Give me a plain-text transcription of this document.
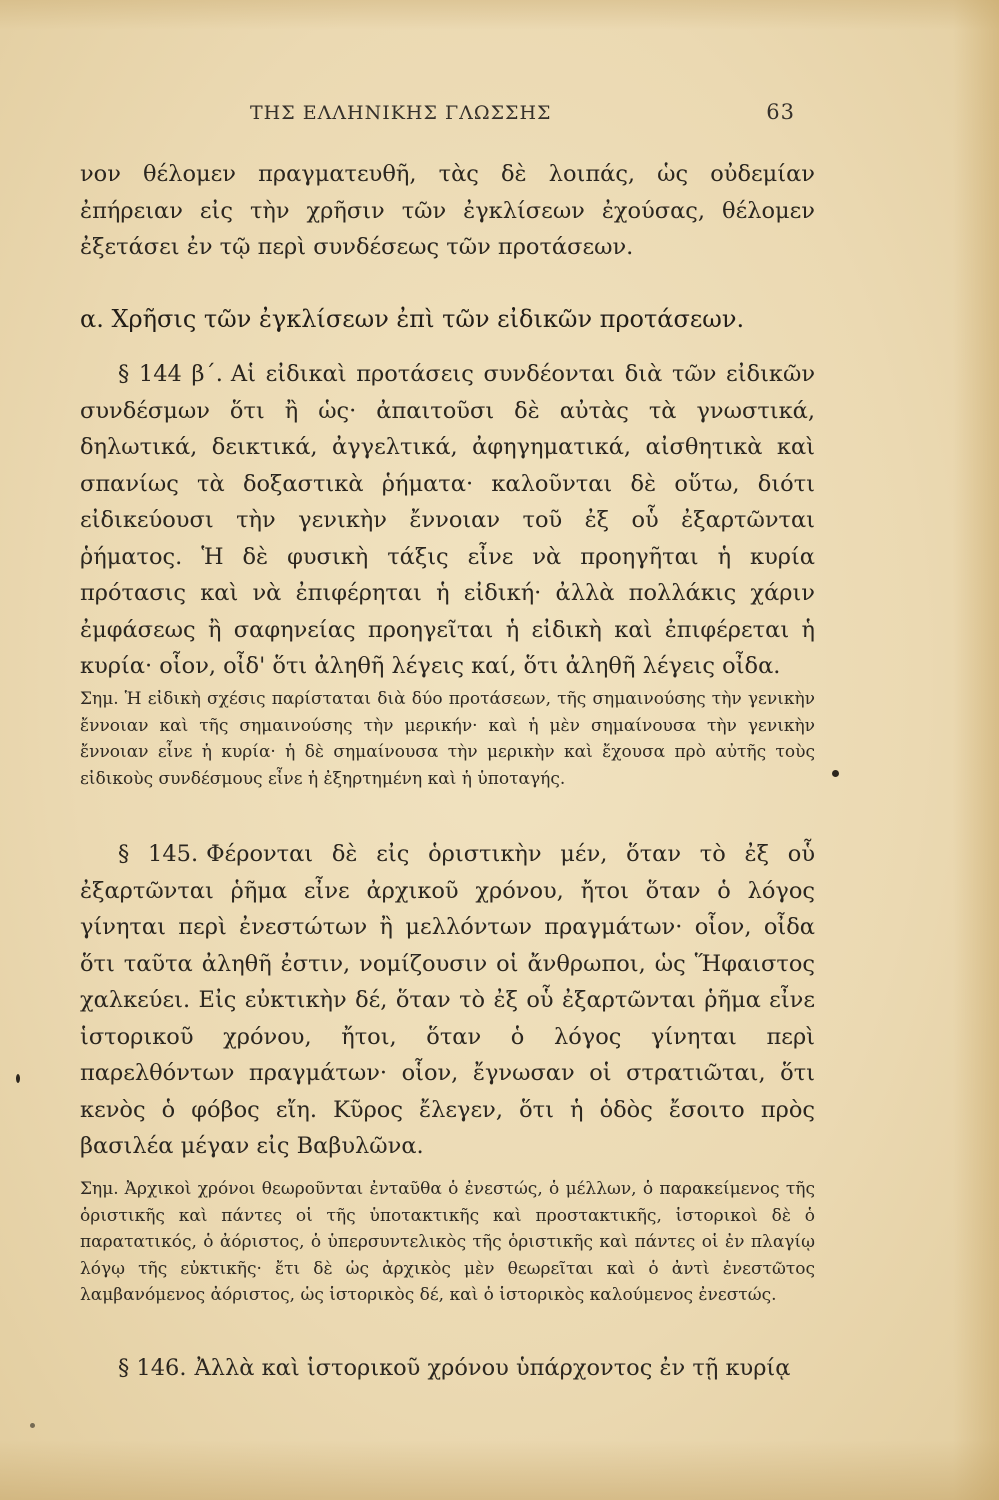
ΤΗΣ ΕΛΛΗΝΙΚΗΣ ΓΛΩΣΣΗΣ	63

νον θέλομεν πραγματευθῆ, τὰς δὲ λοιπάς, ὡς οὐδεμίαν ἐπήρειαν εἰς τὴν χρῆσιν τῶν ἐγκλίσεων ἐχούσας, θέλομεν ἐξετάσει ἐν τῷ περὶ συνδέσεως τῶν προτάσεων.

α. Χρῆσις τῶν ἐγκλίσεων ἐπὶ τῶν εἰδικῶν προτάσεων.

§ 144 β΄. Αἱ εἰδικαὶ προτάσεις συνδέονται διὰ τῶν εἰδικῶν συνδέσμων ὅτι ἢ ὡς· ἀπαιτοῦσι δὲ αὐτὰς τὰ γνωστικά, δηλωτικά, δεικτικά, ἀγγελτικά, ἀφηγηματικά, αἰσθητικὰ καὶ σπανίως τὰ δοξαστικὰ ῥήματα· καλοῦνται δὲ οὕτω, διότι εἰδικεύουσι τὴν γενικὴν ἔννοιαν τοῦ ἐξ οὗ ἐξαρτῶνται ῥήματος. Ἡ δὲ φυσικὴ τάξις εἶνε νὰ προηγῆται ἡ κυρία πρότασις καὶ νὰ ἐπιφέρηται ἡ εἰδική· ἀλλὰ πολλάκις χάριν ἐμφάσεως ἢ σαφηνείας προηγεῖται ἡ εἰδικὴ καὶ ἐπιφέρεται ἡ κυρία· οἷον, οἶδ' ὅτι ἀληθῆ λέγεις καί, ὅτι ἀληθῆ λέγεις οἶδα.

Σημ. Ἡ εἰδικὴ σχέσις παρίσταται διὰ δύο προτάσεων, τῆς σημαινούσης τὴν γενικὴν ἔννοιαν καὶ τῆς σημαινούσης τὴν μερικήν· καὶ ἡ μὲν σημαίνουσα τὴν γενικὴν ἔννοιαν εἶνε ἡ κυρία· ἡ δὲ σημαίνουσα τὴν μερικὴν καὶ ἔχουσα πρὸ αὐτῆς τοὺς εἰδικοὺς συνδέσμους εἶνε ἡ ἐξηρτημένη καὶ ἡ ὑποταγής.

§ 145. Φέρονται δὲ εἰς ὁριστικὴν μέν, ὅταν τὸ ἐξ οὗ ἐξαρτῶνται ῥῆμα εἶνε ἀρχικοῦ χρόνου, ἤτοι ὅταν ὁ λόγος γίνηται περὶ ἐνεστώτων ἢ μελλόντων πραγμάτων· οἷον, οἶδα ὅτι ταῦτα ἀληθῆ ἐστιν, νομίζουσιν οἱ ἄνθρωποι, ὡς Ἥφαιστος χαλκεύει. Εἰς εὐκτικὴν δέ, ὅταν τὸ ἐξ οὗ ἐξαρτῶνται ῥῆμα εἶνε ἱστορικοῦ χρόνου, ἤτοι, ὅταν ὁ λόγος γίνηται περὶ παρελθόντων πραγμάτων· οἷον, ἔγνωσαν οἱ στρατιῶται, ὅτι κενὸς ὁ φόβος εἴη. Κῦρος ἔλεγεν, ὅτι ἡ ὁδὸς ἔσοιτο πρὸς βασιλέα μέγαν εἰς Βαβυλῶνα.

Σημ. Ἀρχικοὶ χρόνοι θεωροῦνται ἐνταῦθα ὁ ἐνεστώς, ὁ μέλλων, ὁ παρακείμενος τῆς ὁριστικῆς καὶ πάντες οἱ τῆς ὑποτακτικῆς καὶ προστακτικῆς, ἱστορικοὶ δὲ ὁ παρατατικός, ὁ ἀόριστος, ὁ ὑπερσυντελικὸς τῆς ὁριστικῆς καὶ πάντες οἱ ἐν πλαγίῳ λόγῳ τῆς εὐκτικῆς· ἔτι δὲ ὡς ἀρχικὸς μὲν θεωρεῖται καὶ ὁ ἀντὶ ἐνεστῶτος λαμβανόμενος ἀόριστος, ὡς ἱστορικὸς δέ, καὶ ὁ ἱστορικὸς καλούμενος ἐνεστώς.

§ 146. Ἀλλὰ καὶ ἱστορικοῦ χρόνου ὑπάρχοντος ἐν τῇ κυρίᾳ
